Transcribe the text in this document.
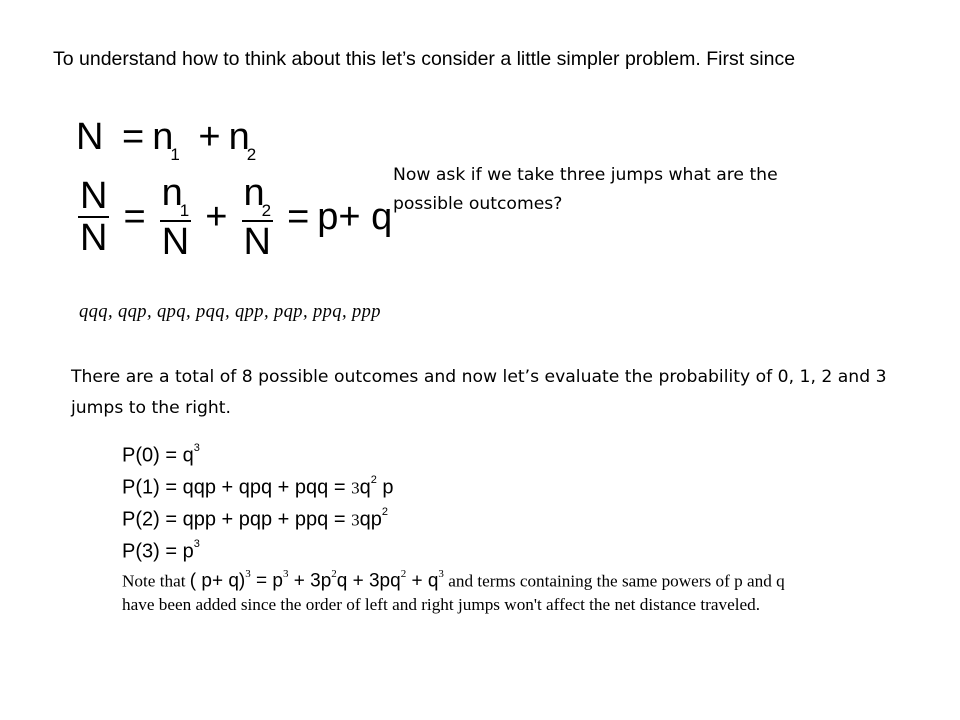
To understand how to think about this let’s consider a little simpler problem. First since
$N = n_1 + n_2$
$\frac{N}{N} = \frac{n_1}{N} + \frac{n_2}{N} = p+ q$
Now ask if we take three jumps what are the possible outcomes?
qqq, qqp, qpq, pqq, qpp, pqp, ppq, ppp
There are a total of 8 possible outcomes and now let’s evaluate the probability of 0, 1, 2 and 3 jumps to the right.
$P(0) = q^3$
P(1) = qqp + qpq + pqq = $3q^2$ p
P(2) = qpp + pqp + ppq = $3qp^2$
$P(3) = p^3$
Note that ( $p+ q)^3 = p^3 + 3p^2q + 3pq^2 + q^3$ and terms containing the same powers of p and q
have been added since the order of left and right jumps won't affect the net distance traveled.
